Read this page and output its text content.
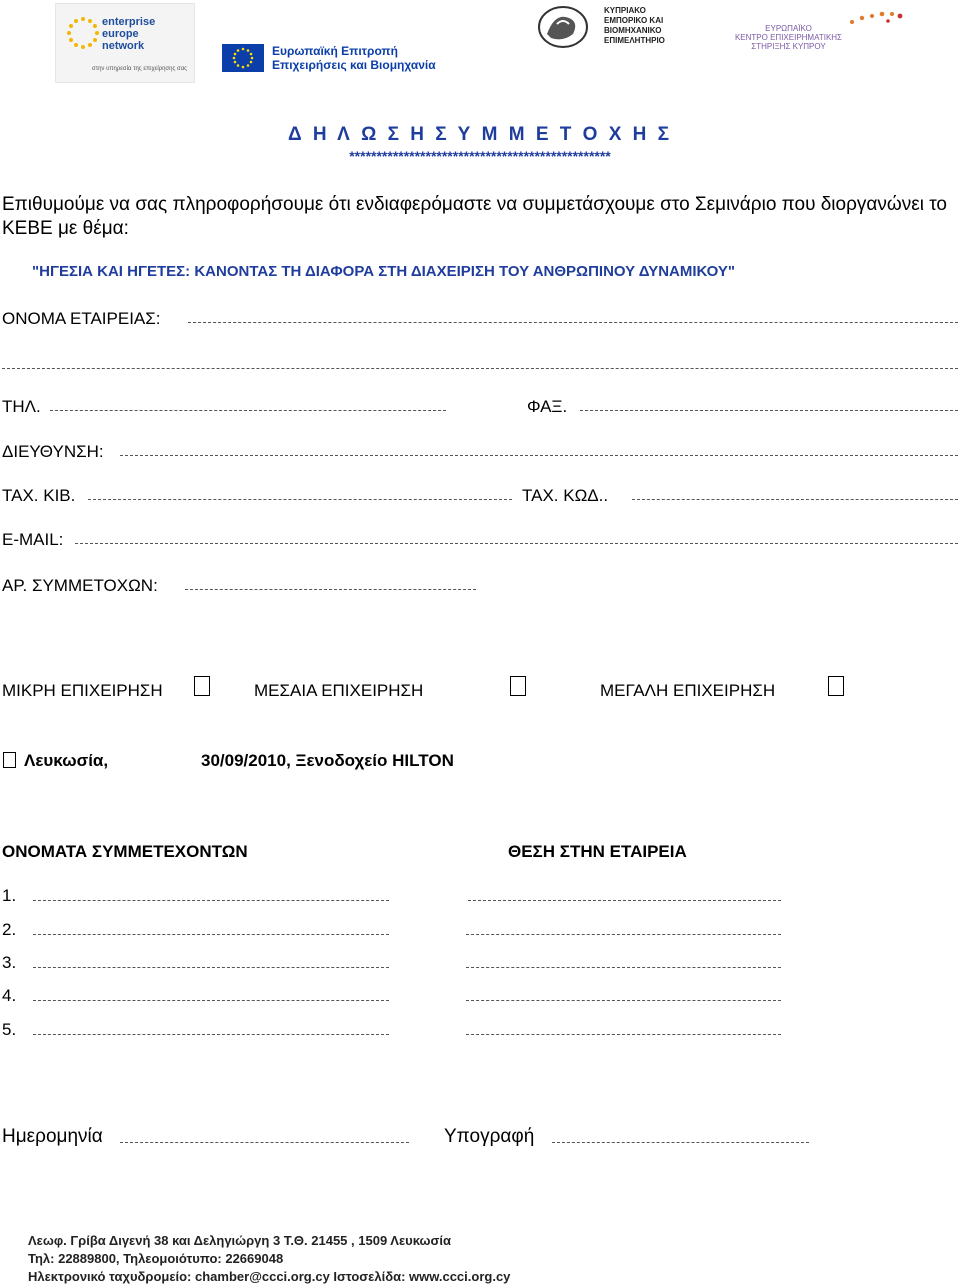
enterprise europe network
στην υπηρεσία της επιχείρησης σας
Ευρωπαϊκή Επιτροπή
Επιχειρήσεις και Βιομηχανία
ΚΥΠΡΙΑΚΟ
ΕΜΠΟΡΙΚΟ ΚΑΙ
ΒΙΟΜΗΧΑΝΙΚΟ
ΕΠΙΜΕΛΗΤΗΡΙΟ
ΕΥΡΩΠΑΪΚΟ
ΚΕΝΤΡΟ ΕΠΙΧΕΙΡΗΜΑΤΙΚΗΣ
ΣΤΗΡΙΞΗΣ ΚΥΠΡΟΥ
Δ Η Λ Ω Σ Η Σ Υ Μ Μ Ε Τ Ο Χ Η Σ
************************************************
Επιθυμούμε να σας πληροφορήσουμε ότι ενδιαφερόμαστε να συμμετάσχουμε στο Σεμινάριο που διοργανώνει το ΚΕΒΕ με θέμα:
"ΗΓΕΣΙΑ ΚΑΙ ΗΓΕΤΕΣ: ΚΑΝΟΝΤΑΣ ΤΗ ΔΙΑΦΟΡΑ ΣΤΗ ΔΙΑΧΕΙΡΙΣΗ ΤΟΥ ΑΝΘΡΩΠΙΝΟΥ ΔΥΝΑΜΙΚΟΥ"
ΟΝΟΜΑ ΕΤΑΙΡΕΙΑΣ:
ΤΗΛ.	ΦΑΞ.
ΔΙΕΥΘΥΝΣΗ:
ΤΑΧ. ΚΙΒ.	ΤΑΧ. ΚΩΔ..
E-MAIL:
ΑΡ. ΣΥΜΜΕΤΟΧΩΝ:
ΜΙΚΡΗ ΕΠΙΧΕΙΡΗΣΗ	ΜΕΣΑΙΑ ΕΠΙΧΕΙΡΗΣΗ	ΜΕΓΑΛΗ ΕΠΙΧΕΙΡΗΣΗ
Λευκωσία,	30/09/2010, Ξενοδοχείο HILTON
ΟΝΟΜΑΤΑ ΣΥΜΜΕΤΕΧΟΝΤΩΝ	ΘΕΣΗ ΣΤΗΝ ΕΤΑΙΡΕΙΑ
1.
2.
3.
4.
5.
Ημερομηνία	Υπογραφή
Λεωφ. Γρίβα Διγενή 38 και Δεληγιώργη 3 Τ.Θ. 21455 , 1509 Λευκωσία
Τηλ: 22889800, Τηλεομοιότυπο: 22669048
Ηλεκτρονικό ταχυδρομείο: chamber@ccci.org.cy Ιστοσελίδα: www.ccci.org.cy
